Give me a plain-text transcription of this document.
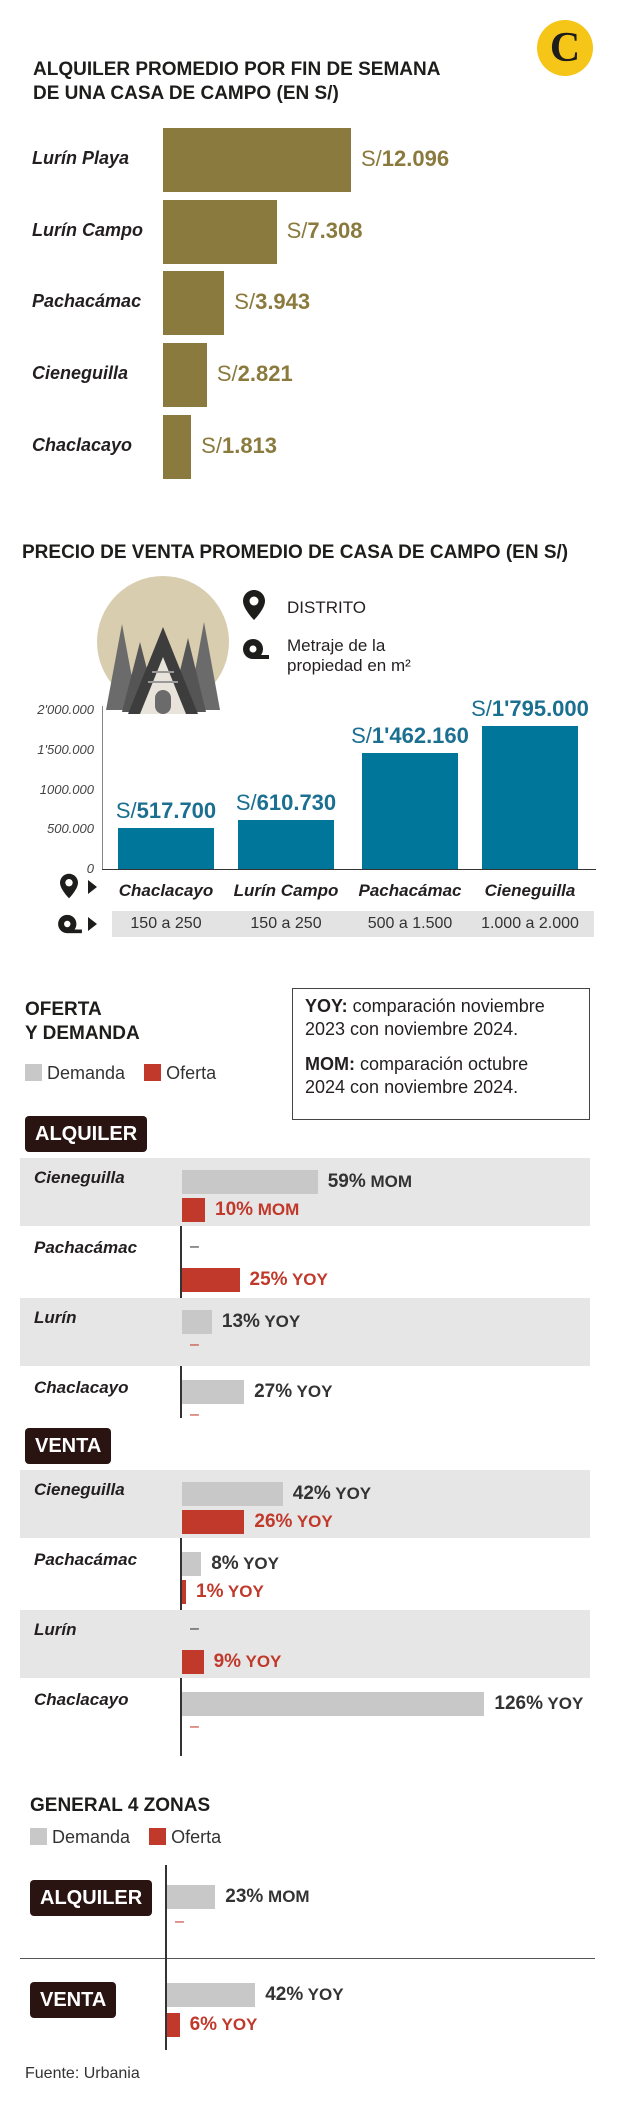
C
ALQUILER PROMEDIO POR FIN DE SEMANA
DE UNA CASA DE CAMPO (EN S/)
Lurín Playa	S/12.096
Lurín Campo	S/7.308
Pachacámac	S/3.943
Cieneguilla	S/2.821
Chaclacayo	S/1.813
PRECIO DE VENTA PROMEDIO DE CASA DE CAMPO (EN S/)
DISTRITO
Metraje de la
propiedad en m²
0
500.000
1000.000
1'500.000
2'000.000
S/517.700
Chaclacayo
S/610.730
Lurín Campo
S/1'462.160
Pachacámac
S/1'795.000
Cieneguilla
150 a 250	150 a 250	500 a 1.500	1.000 a 2.000
OFERTA
Y DEMANDA
Demanda Oferta
YOY: comparación noviembre
2023 con noviembre 2024.
MOM: comparación octubre
2024 con noviembre 2024.
ALQUILER
Cieneguilla	59% MOM
10% MOM
Pachacámac	–
25% YOY
Lurín	13% YOY
–
Chaclacayo	27% YOY
–
VENTA
Cieneguilla	42% YOY
26% YOY
Pachacámac	8% YOY
1% YOY
Lurín	–
9% YOY
Chaclacayo	126% YOY
–
GENERAL 4 ZONAS
Demanda Oferta
ALQUILER
VENTA
23% MOM
–
42% YOY
6% YOY
Fuente: Urbania
